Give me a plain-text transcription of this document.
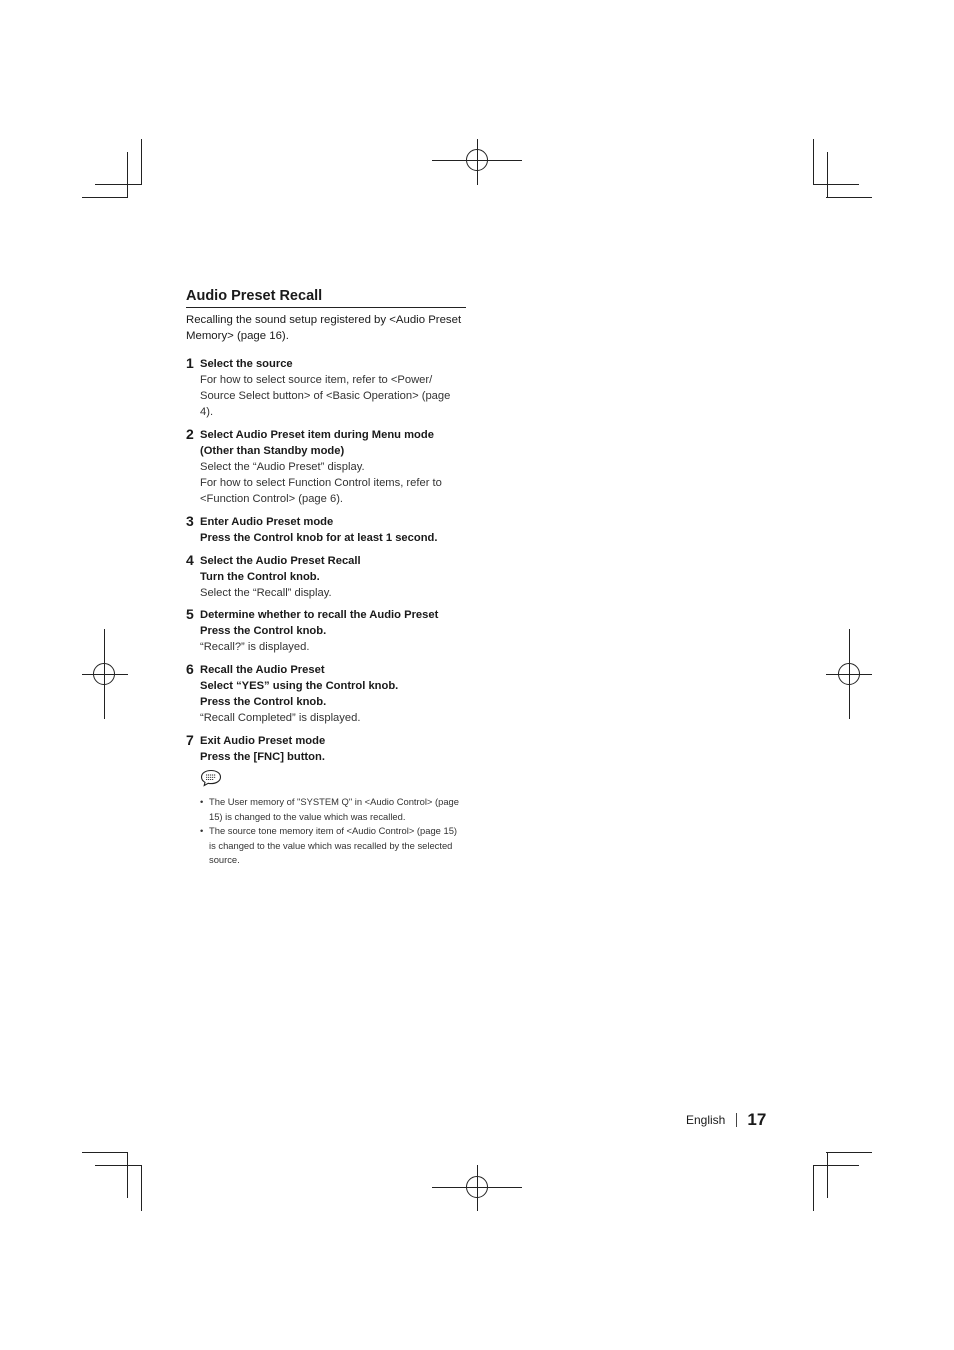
Audio Preset Recall
Recalling the sound setup registered by <Audio Preset Memory> (page 16).
1 Select the source
For how to select source item, refer to <Power/ Source Select button> of <Basic Operation> (page 4).
2 Select Audio Preset item during Menu mode (Other than Standby mode)
Select the “Audio Preset” display.
For how to select Function Control items, refer to <Function Control> (page 6).
3 Enter Audio Preset mode
Press the Control knob for at least 1 second.
4 Select the Audio Preset Recall
Turn the Control knob.
Select the “Recall” display.
5 Determine whether to recall the Audio Preset
Press the Control knob.
“Recall?” is displayed.
6 Recall the Audio Preset
Select “YES” using the Control knob.
Press the Control knob.
“Recall Completed” is displayed.
7 Exit Audio Preset mode
Press the [FNC] button.
• The User memory of "SYSTEM Q" in <Audio Control> (page 15) is changed to the value which was recalled.
• The source tone memory item of <Audio Control> (page 15) is changed to the value which was recalled by the selected source.
English 17
